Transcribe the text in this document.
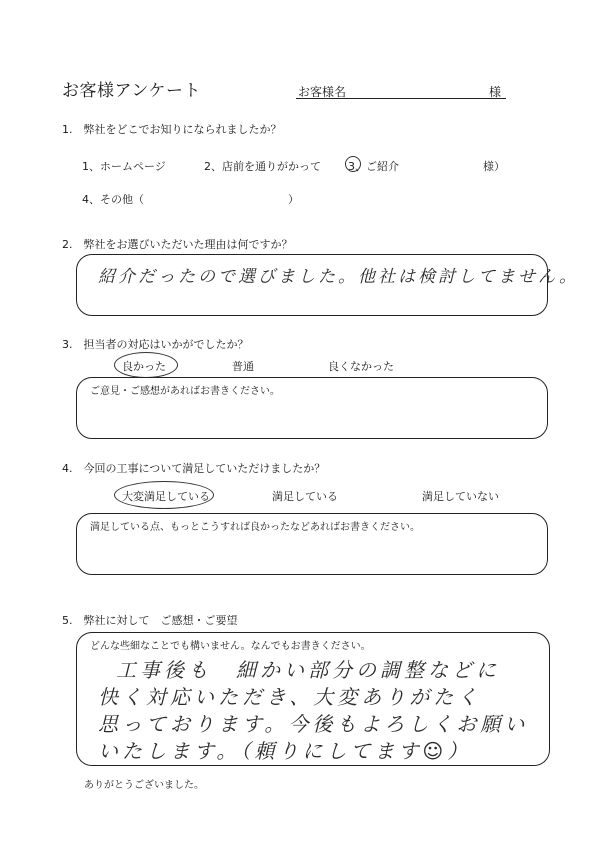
お客様アンケート	お客様名	様
1.　弊社をどこでお知りになられましたか？
1、ホームページ	2、店前を通りがかって 3、ご紹介	様）
4、その他（	）
2.　弊社をお選びいただいた理由は何ですか？
紹介だったので選びました。他社は検討してません。
3.　担当者の対応はいかがでしたか？
良かった	普通	良くなかった
ご意見・ご感想があればお書きください。
4.　今回の工事について満足していただけましたか？
大変満足している	満足している	満足していない
満足している点、もっとこうすれば良かったなどあればお書きください。
5.　弊社に対して　ご感想・ご要望
どんな些細なことでも構いません。なんでもお書きください。
工事後も　細かい部分の調整などに
快く対応いただき、大変ありがたく
思っております。今後もよろしくお願い
いたします。（頼りにしてます☺）
ありがとうございました。
